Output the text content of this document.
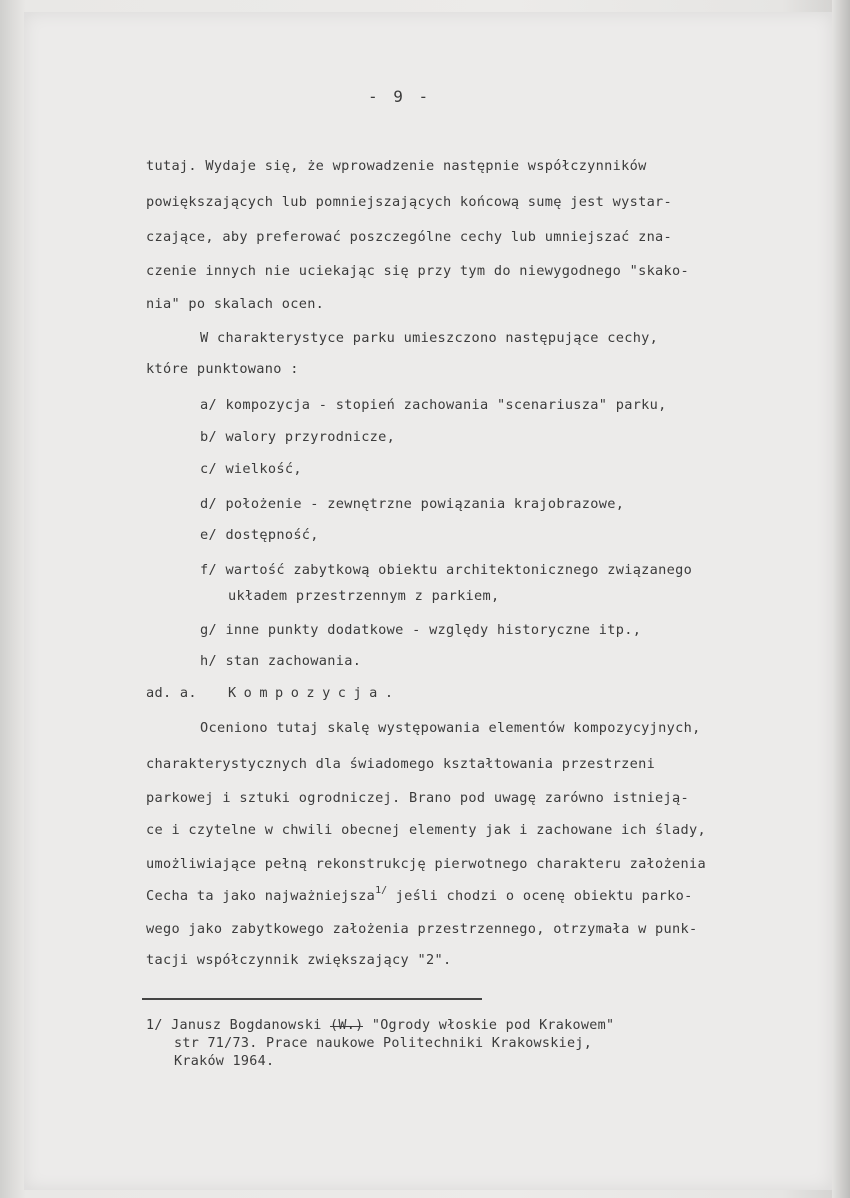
- 9 -
tutaj. Wydaje się, że wprowadzenie następnie współczynników
powiększających lub pomniejszających końcową sumę jest wystar-
czające, aby preferować poszczególne cechy lub umniejszać zna-
czenie innych nie uciekając się przy tym do niewygodnego "skako-
nia" po skalach ocen.
W charakterystyce parku umieszczono następujące cechy,
które punktowano :
a/ kompozycja - stopień zachowania "scenariusza" parku,
b/ walory przyrodnicze,
c/ wielkość,
d/ położenie - zewnętrzne powiązania krajobrazowe,
e/ dostępność,
f/ wartość zabytkową obiektu architektonicznego związanego
układem przestrzennym z parkiem,
g/ inne punkty dodatkowe - względy historyczne itp.,
h/ stan zachowania.
ad. a. Kompozycja.
Oceniono tutaj skalę występowania elementów kompozycyjnych,
charakterystycznych dla świadomego kształtowania przestrzeni
parkowej i sztuki ogrodniczej. Brano pod uwagę zarówno istnieją-
ce i czytelne w chwili obecnej elementy jak i zachowane ich ślady,
umożliwiające pełną rekonstrukcję pierwotnego charakteru założenia
Cecha ta jako najważniejsza$^{1/}$ jeśli chodzi o ocenę obiektu parko-
wego jako zabytkowego założenia przestrzennego, otrzymała w punk-
tacji współczynnik zwiększający "2".
1/ Janusz Bogdanowski (W.) "Ogrody włoskie pod Krakowem"
str 71/73. Prace naukowe Politechniki Krakowskiej,
Kraków 1964.
